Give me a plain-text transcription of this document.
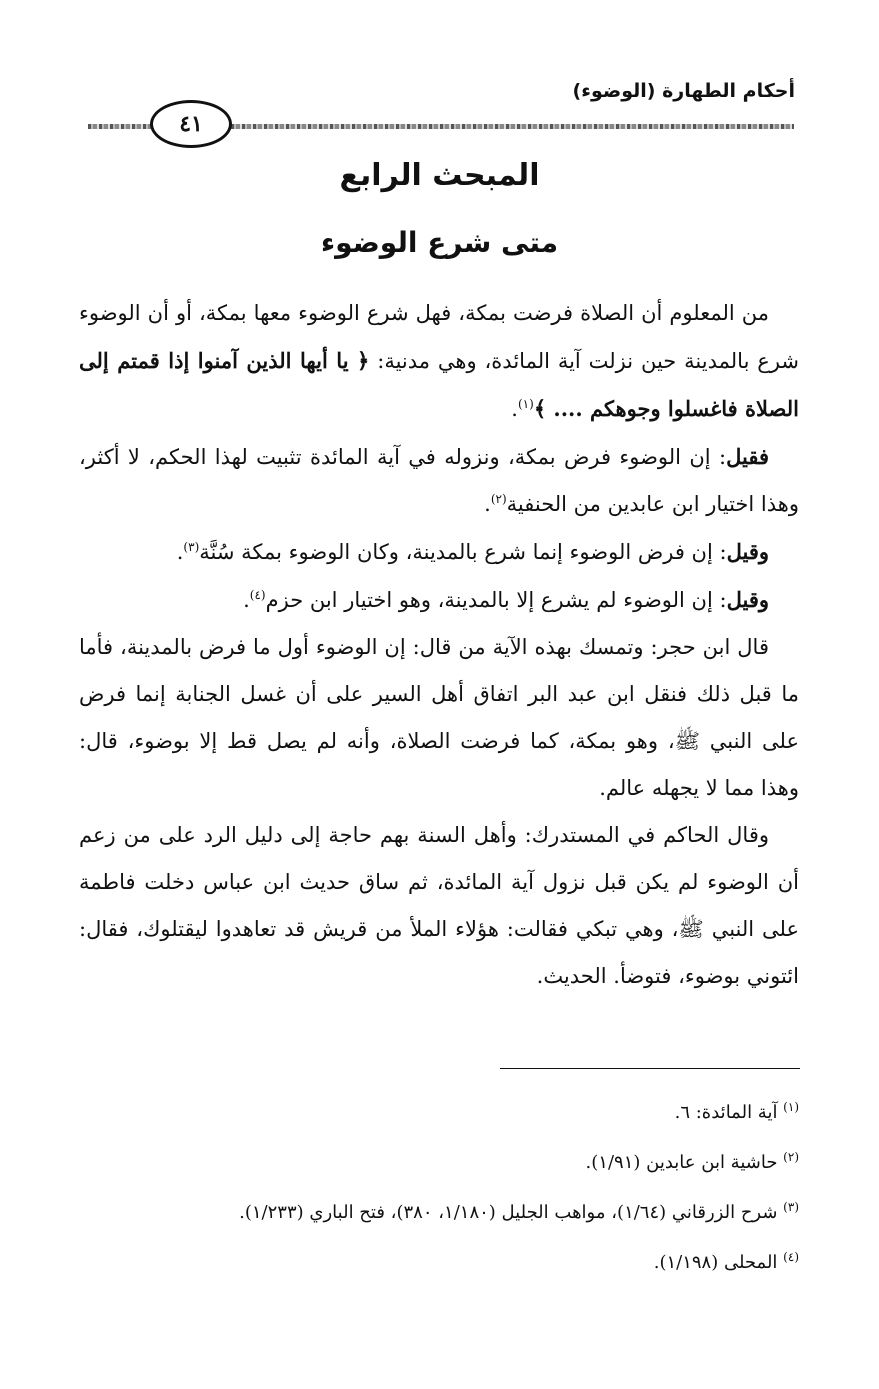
أحكام الطهارة (الوضوء)
٤١
المبحث الرابع
متى شرع الوضوء

من المعلوم أن الصلاة فرضت بمكة، فهل شرع الوضوء معها بمكة، أو أن الوضوء شرع بالمدينة حين نزلت آية المائدة، وهي مدنية: ﴿ يا أيها الذين آمنوا إذا قمتم إلى الصلاة فاغسلوا وجوهكم .... ﴾$^{(١)}$.

فقيل: إن الوضوء فرض بمكة، ونزوله في آية المائدة تثبيت لهذا الحكم، لا أكثر، وهذا اختيار ابن عابدين من الحنفية$^{(٢)}$.

وقيل: إن فرض الوضوء إنما شرع بالمدينة، وكان الوضوء بمكة سُنَّة$^{(٣)}$.

وقيل: إن الوضوء لم يشرع إلا بالمدينة، وهو اختيار ابن حزم$^{(٤)}$.

قال ابن حجر: وتمسك بهذه الآية من قال: إن الوضوء أول ما فرض بالمدينة، فأما ما قبل ذلك فنقل ابن عبد البر اتفاق أهل السير على أن غسل الجنابة إنما فرض على النبي ﷺ، وهو بمكة، كما فرضت الصلاة، وأنه لم يصل قط إلا بوضوء، قال: وهذا مما لا يجهله عالم.

وقال الحاكم في المستدرك: وأهل السنة بهم حاجة إلى دليل الرد على من زعم أن الوضوء لم يكن قبل نزول آية المائدة، ثم ساق حديث ابن عباس دخلت فاطمة على النبي ﷺ، وهي تبكي فقالت: هؤلاء الملأ من قريش قد تعاهدوا ليقتلوك، فقال: ائتوني بوضوء، فتوضأ. الحديث.

$^{(١)}$ آية المائدة: ٦.
$^{(٢)}$ حاشية ابن عابدين (١/٩١).
$^{(٣)}$ شرح الزرقاني (١/٦٤)، مواهب الجليل (١/١٨٠، ٣٨٠)، فتح الباري (١/٢٣٣).
$^{(٤)}$ المحلى (١/١٩٨).
